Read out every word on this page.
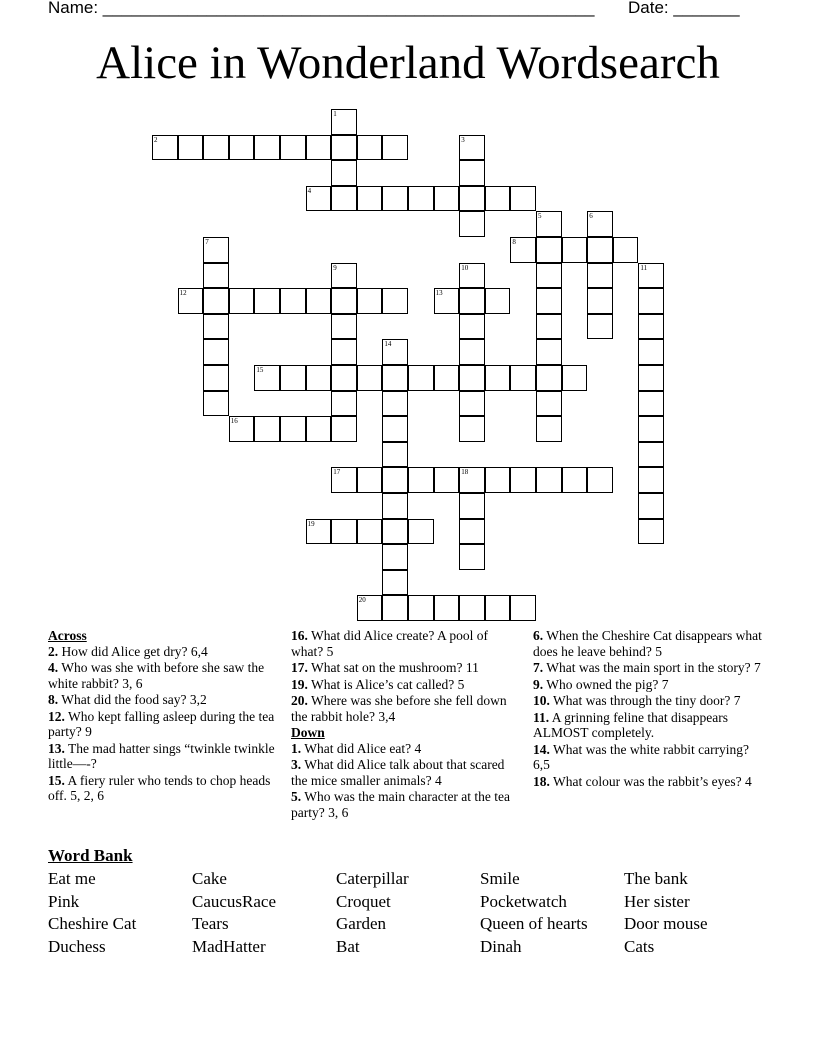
Name: ____________________________________________________ Date: _______
Alice in Wonderland Wordsearch
1
2	3
4
5	6
7	8
9	10	11
12	13
14
15
16
17	18
19
20
Across
2. How did Alice get dry? 6,4
4. Who was she with before she saw the white rabbit? 3, 6
8. What did the food say? 3,2
12. Who kept falling asleep during the tea party? 9
13. The mad hatter sings “twinkle twinkle little—-?
15. A fiery ruler who tends to chop heads off. 5, 2, 6
16. What did Alice create? A pool of what? 5
17. What sat on the mushroom? 11
19. What is Alice’s cat called? 5
20. Where was she before she fell down the rabbit hole? 3,4
Down
1. What did Alice eat? 4
3. What did Alice talk about that scared the mice smaller animals? 4
5. Who was the main character at the tea party? 3, 6
6. When the Cheshire Cat disappears what does he leave behind? 5
7. What was the main sport in the story? 7
9. Who owned the pig? 7
10. What was through the tiny door? 7
11. A grinning feline that disappears ALMOST completely.
14. What was the white rabbit carrying? 6,5
18. What colour was the rabbit’s eyes? 4
Word Bank
Eat me
Pink
Cheshire Cat
Duchess
Cake
CaucusRace
Tears
MadHatter
Caterpillar
Croquet
Garden
Bat
Smile
Pocketwatch
Queen of hearts
Dinah
The bank
Her sister
Door mouse
Cats
